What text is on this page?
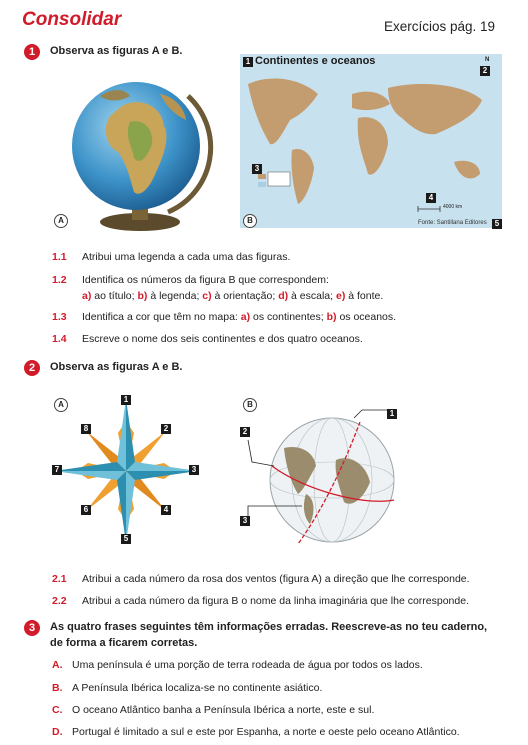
Consolidar	Exercícios pág. 19
1	Observa as figuras A e B.
A
1 Continentes e oceanos	N
2
3
4
4000 km
Fonte: Santillana Editores	5
B
1.1 Atribui uma legenda a cada uma das figuras.
1.2 Identifica os números da figura B que correspondem:
a) ao título; b) à legenda; c) à orientação; d) à escala; e) à fonte.
1.3 Identifica a cor que têm no mapa: a) os continentes; b) os oceanos.
1.4 Escreve o nome dos seis continentes e dos quatro oceanos.
2	Observa as figuras A e B.
A
1
2
3
4
5
6
7
8
B
1
2
3
2.1 Atribui a cada número da rosa dos ventos (figura A) a direção que lhe corresponde.
2.2 Atribui a cada número da figura B o nome da linha imaginária que lhe corresponde.
3	As quatro frases seguintes têm informações erradas. Reescreve-as no teu caderno,
de forma a ficarem corretas.
A. Uma península é uma porção de terra rodeada de água por todos os lados.
B. A Península Ibérica localiza-se no continente asiático.
C. O oceano Atlântico banha a Península Ibérica a norte, este e sul.
D. Portugal é limitado a sul e este por Espanha, a norte e oeste pelo oceano Atlântico.
